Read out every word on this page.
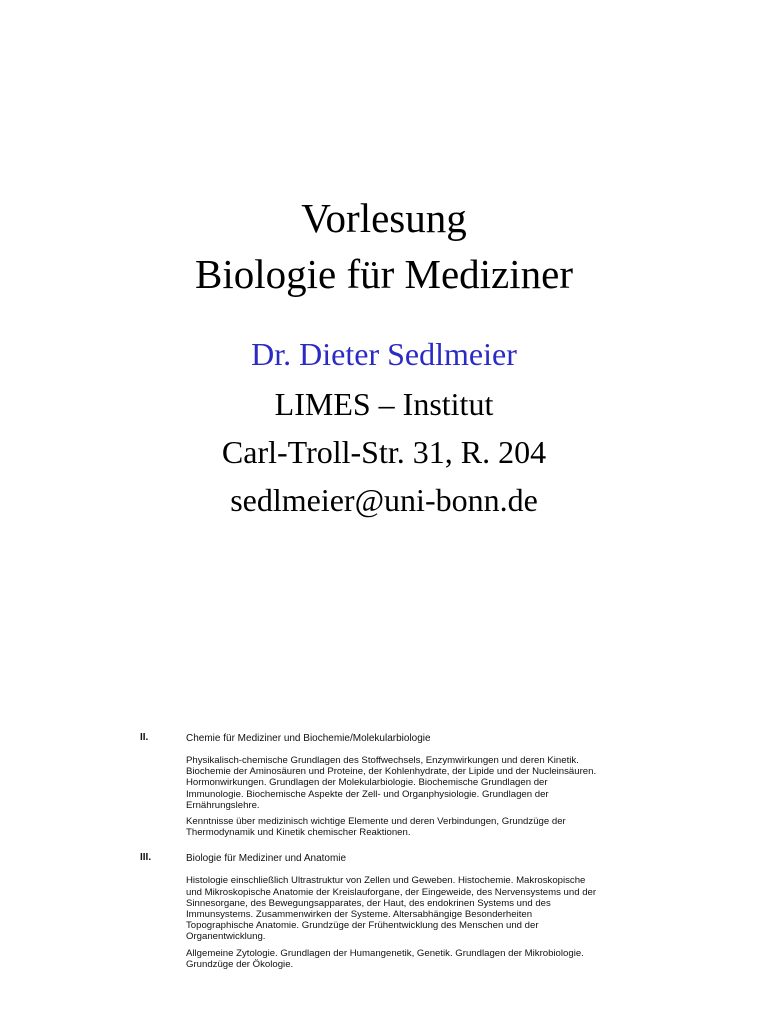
Vorlesung

Biologie für Mediziner

Dr. Dieter Sedlmeier
LIMES – Institut
Carl-Troll-Str. 31, R. 204
sedlmeier@uni-bonn.de
II.	Chemie für Mediziner und Biochemie/Molekularbiologie

Physikalisch-chemische Grundlagen des Stoffwechsels, Enzymwirkungen und deren Kinetik. Biochemie der Aminosäuren und Proteine, der Kohlenhydrate, der Lipide und der Nucleinsäuren. Hormonwirkungen. Grundlagen der Molekularbiologie. Biochemische Grundlagen der Immunologie. Biochemische Aspekte der Zell- und Organphysiologie. Grundlagen der Ernährungslehre.

Kenntnisse über medizinisch wichtige Elemente und deren Verbindungen, Grundzüge der Thermodynamik und Kinetik chemischer Reaktionen.

III.	Biologie für Mediziner und Anatomie

Histologie einschließlich Ultrastruktur von Zellen und Geweben. Histochemie. Makroskopische und Mikroskopische Anatomie der Kreislauforgane, der Eingeweide, des Nervensystems und der Sinnesorgane, des Bewegungsapparates, der Haut, des endokrinen Systems und des Immunsystems. Zusammenwirken der Systeme. Altersabhängige Besonderheiten Topographische Anatomie. Grundzüge der Frühentwicklung des Menschen und der Organentwicklung.

Allgemeine Zytologie. Grundlagen der Humangenetik, Genetik. Grundlagen der Mikrobiologie. Grundzüge der Ökologie.
